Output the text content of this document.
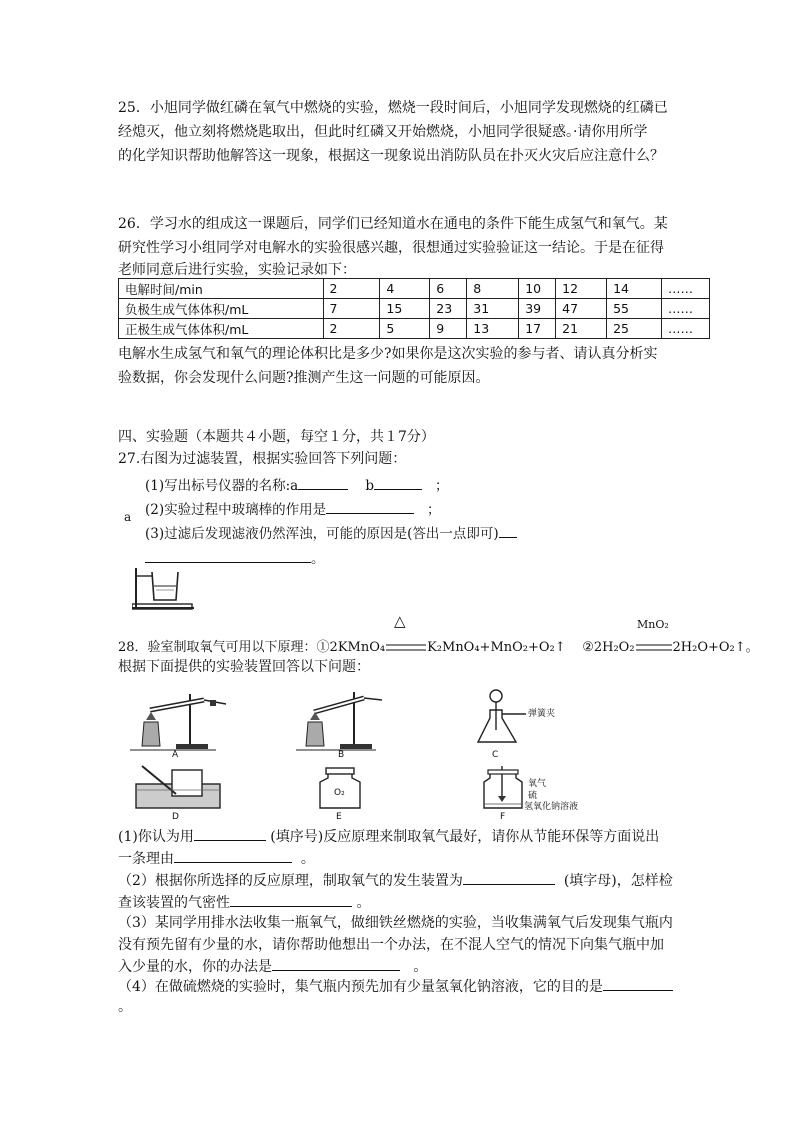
25．小旭同学做红磷在氧气中燃烧的实验，燃烧一段时间后，小旭同学发现燃烧的红磷已
经熄灭，他立刻将燃烧匙取出，但此时红磷又开始燃烧，小旭同学很疑惑。·请你用所学
的化学知识帮助他解答这一现象，根据这一现象说出消防队员在扑灭火灾后应注意什么？
26．学习水的组成这一课题后，同学们已经知道水在通电的条件下能生成氢气和氧气。某
研究性学习小组同学对电解水的实验很感兴趣，很想通过实验验证这一结论。于是在征得
老师同意后进行实验，实验记录如下：
电解时间/min	2	4	6	8	10	12	14	……
负极生成气体体积/mL	7	15	23	31	39	47	55	……
正极生成气体体积/mL	2	5	9	13	17	21	25	……
电解水生成氢气和氧气的理论体积比是多少?如果你是这次实验的参与者、请认真分析实
验数据，你会发现什么问题?推测产生这一问题的可能原因。
四、实验题（本题共４小题，每空１分，共１7分）
27.右图为过滤装置，根据实验回答下列问题：
(1)写出标号仪器的名称:a	b	；
(2)实验过程中玻璃棒的作用是	；
a
(3)过滤后发现滤液仍然浑浊，可能的原因是(答出一点即可)
。
△	MnO₂
28．验室制取氧气可用以下原理：①2KMnO₄	K₂MnO₄+MnO₂+O₂↑ ②2H₂O₂	2H₂O+O₂↑。
根据下面提供的实验装置回答以下问题：
A	B
弹簧夹
C
D
O₂
E
氧气
硫
氢氧化钠溶液
F
(1)你认为用	(填序号)反应原理来制取氧气最好，请你从节能环保等方面说出
一条理由	。
（2）根据你所选择的反应原理，制取氧气的发生装置为	(填字母)，怎样检
查该装置的气密性	。
（3）某同学用排水法收集一瓶氧气，做细铁丝燃烧的实验，当收集满氧气后发现集气瓶内
没有预先留有少量的水，请你帮助他想出一个办法，在不混人空气的情况下向集气瓶中加
入少量的水，你的办法是	。
（4）在做硫燃烧的实验时，集气瓶内预先加有少量氢氧化钠溶液，它的目的是
。
